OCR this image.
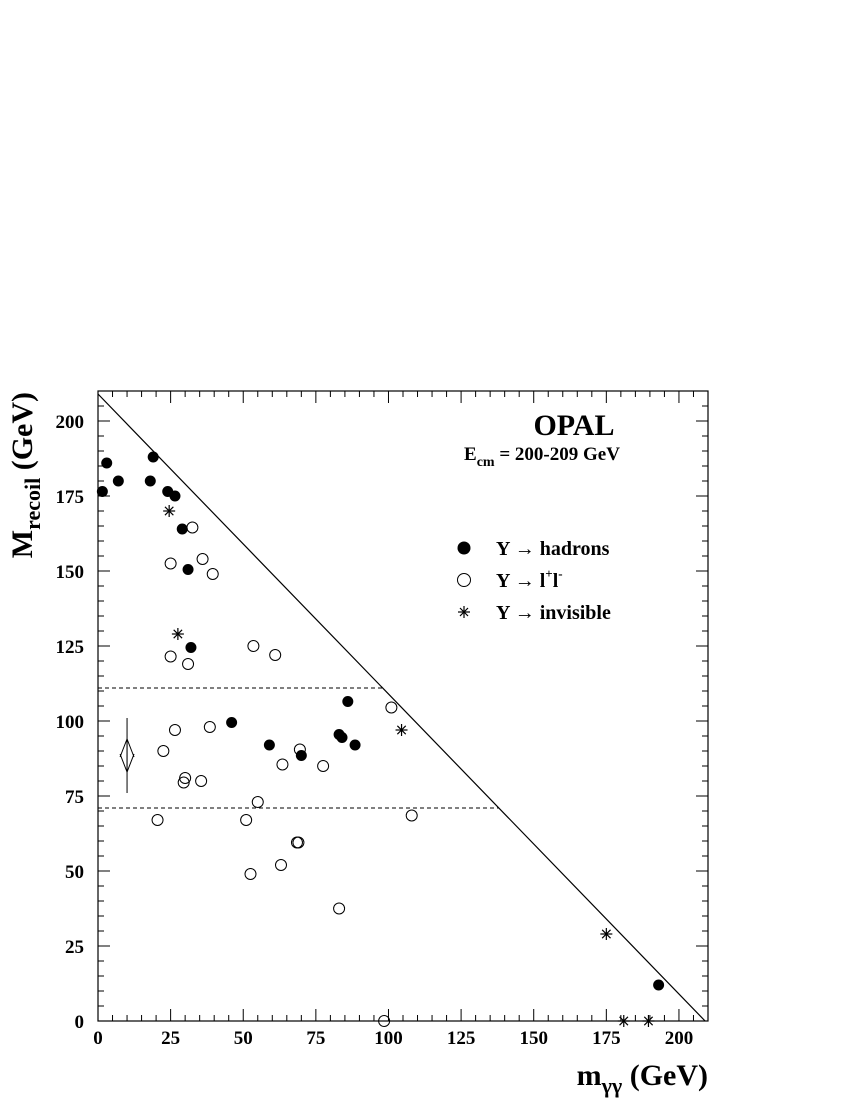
0	25	50	75	100 125 150 175 200
0
25
50
75
100
125
150
175
200	OPAL
$E_{cm} = 200-209$ GeV
$m_{\gamma\gamma}$ (GeV)
$M_{recoil}$ (GeV)
Y → hadrons
Y → l+l-
Y → invisible
